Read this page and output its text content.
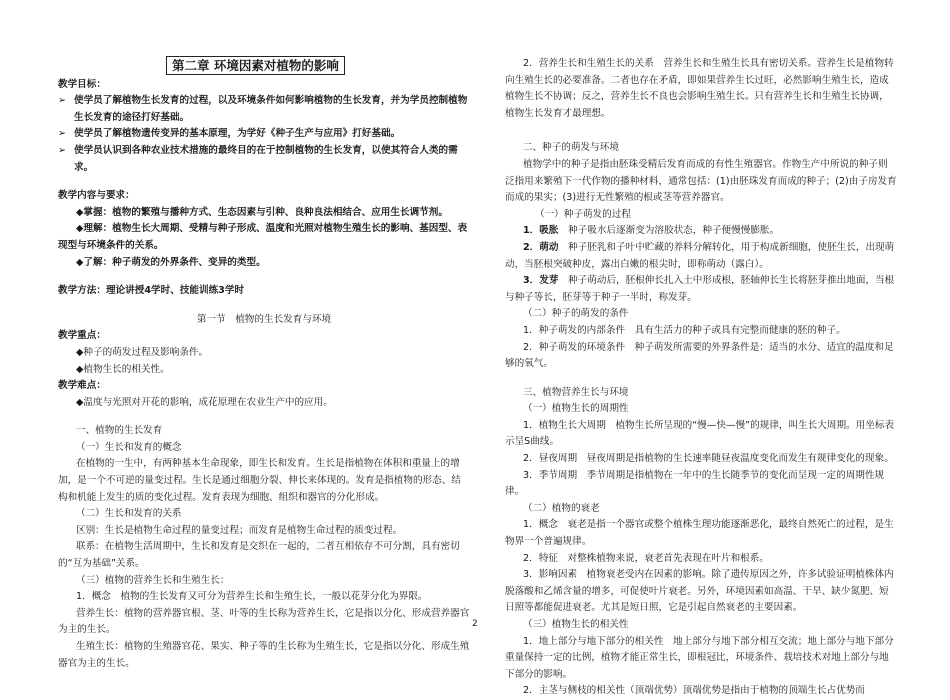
第二章 环境因素对植物的影响

教学目标：

➢ 使学员了解植物生长发育的过程，以及环境条件如何影响植物的生长发育，并为学员控制植物生长发育的途径打好基础。

➢ 使学员了解植物遗传变异的基本原理，为学好《种子生产与应用》打好基础。

➢ 使学员认识到各种农业技术措施的最终目的在于控制植物的生长发育，以使其符合人类的需求。

教学内容与要求：

◆掌握：植物的繁殖与播种方式、生态因素与引种、良种良法相结合、应用生长调节剂。

◆理解：植物生长大周期、受精与种子形成、温度和光照对植物生殖生长的影响、基因型、表现型与环境条件的关系。

◆了解：种子萌发的外界条件、变异的类型。

教学方法：理论讲授4学时、技能训练3学时

第一节　植物的生长发育与环境

教学重点：

◆种子的萌发过程及影响条件。

◆植物生长的相关性。

教学难点：

◆温度与光照对开花的影响，成花原理在农业生产中的应用。

一、植物的生长发育

（一）生长和发育的概念

在植物的一生中，有两种基本生命现象，即生长和发育。生长是指植物在体积和重量上的增加，是一个不可逆的量变过程。生长是通过细胞分裂、伸长来体现的。发育是指植物的形态、结构和机能上发生的质的变化过程。发育表现为细胞、组织和器官的分化形成。

（二）生长和发育的关系

区别：生长是植物生命过程的量变过程；而发育是植物生命过程的质变过程。

联系：在植物生活周期中，生长和发育是交织在一起的，二者互相依存不可分割，具有密切的“互为基础”关系。

（三）植物的营养生长和生殖生长：

1．概念　植物的生长发育又可分为营养生长和生殖生长，一般以花芽分化为界限。

营养生长：植物的营养器官根、茎、叶等的生长称为营养生长，它是指以分化、形成营养器官为主的生长。

生殖生长：植物的生殖器官花、果实、种子等的生长称为生殖生长，它是指以分化、形成生殖器官为主的生长。

2．营养生长和生殖生长的关系　营养生长和生殖生长具有密切关系。营养生长是植物转向生殖生长的必要准备。二者也存在矛盾，即如果营养生长过旺，必然影响生殖生长，造成植物生长不协调；反之，营养生长不良也会影响生殖生长。只有营养生长和生殖生长协调，植物生长发育才最理想。

二、种子的萌发与环境

植物学中的种子是指由胚珠受精后发育而成的有性生殖器官。作物生产中所说的种子则泛指用来繁殖下一代作物的播种材料，通常包括：(1)由胚珠发育而成的种子；(2)由子房发育而成的果实；(3)进行无性繁殖的根或茎等营养器官。

（一）种子萌发的过程

1．吸胀　 种子吸水后逐渐变为溶胶状态，种子便慢慢膨胀。

2．萌动　 种子胚乳和子叶中贮藏的养料分解转化，用于构成新细胞，使胚生长，出现萌动，当胚根突破种皮，露出白嫩的根尖时，即称萌动（露白）。

3．发芽　 种子萌动后，胚根伸长扎入土中形成根，胚轴伸长生长将胚芽推出地面，当根与种子等长，胚芽等于种子一半时，称发芽。

（二）种子的萌发的条件

1．种子萌发的内部条件　具有生活力的种子或具有完整而健康的胚的种子。

2．种子萌发的环境条件　种子萌发所需要的外界条件是：适当的水分、适宜的温度和足够的氧气。

三、植物营养生长与环境

（一）植物生长的周期性

1．植物生长大周期　植物生长所呈现的“慢—快—慢”的规律，叫生长大周期。用坐标表示呈S曲线。

2．昼夜周期　昼夜周期是指植物的生长速率随昼夜温度变化而发生有规律变化的现象。

3．季节周期　季节周期是指植物在一年中的生长随季节的变化而呈现一定的周期性规律。

（二）植物的衰老

1．概念　衰老是指一个器官或整个植株生理功能逐渐恶化，最终自然死亡的过程，是生物界一个普遍规律。

2．特征　对整株植物来说，衰老首先表现在叶片和根系。

3．影响因素　植物衰老受内在因素的影响。除了遗传原因之外，许多试验证明植株体内脱落酸和乙烯含量的增多，可促使叶片衰老。另外，环境因素如高温、干旱、缺少氮肥、短日照等都能促进衰老。尤其是短日照，它是引起自然衰老的主要因素。

（三）植物生长的相关性

1．地上部分与地下部分的相关性　地上部分与地下部分相互交流；地上部分与地下部分重量保持一定的比例，植物才能正常生长，即根冠比，环境条件、栽培技术对地上部分与地下部分的影响。

2．主茎与侧枝的相关性（顶端优势）顶端优势是指由于植物的顶端生长占优势而

2
